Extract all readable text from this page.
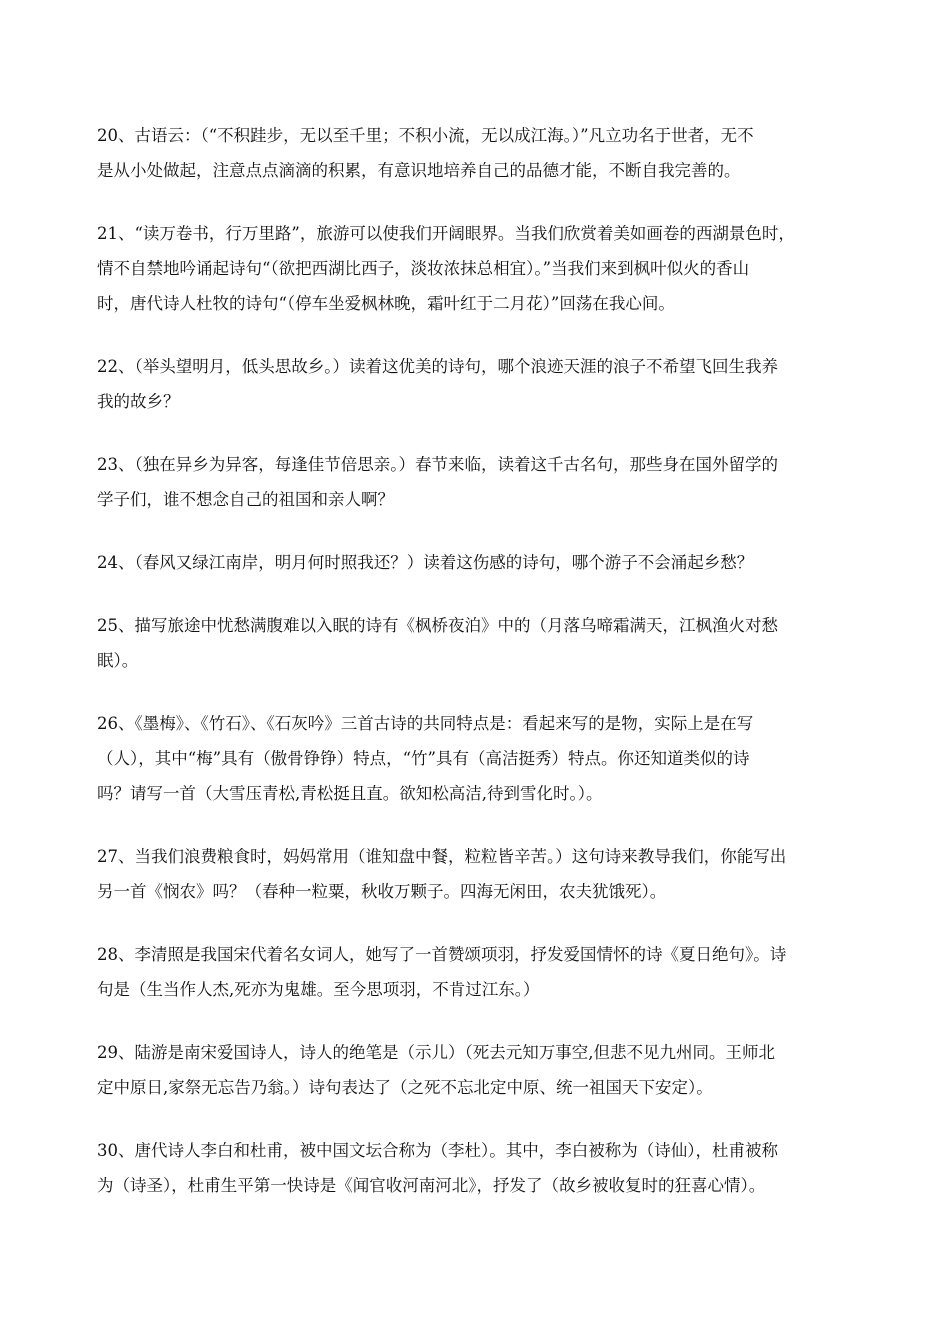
20、古语云：（“不积跬步，无以至千里；不积小流，无以成江海。）”凡立功名于世者，无不
是从小处做起，注意点点滴滴的积累，有意识地培养自己的品德才能，不断自我完善的。

21、“读万卷书，行万里路”，旅游可以使我们开阔眼界。当我们欣赏着美如画卷的西湖景色时，
情不自禁地吟诵起诗句“（欲把西湖比西子，淡妆浓抹总相宜）。”当我们来到枫叶似火的香山
时，唐代诗人杜牧的诗句“（停车坐爱枫林晚，霜叶红于二月花）”回荡在我心间。

22、（举头望明月，低头思故乡。）读着这优美的诗句，哪个浪迹天涯的浪子不希望飞回生我养
我的故乡？

23、（独在异乡为异客，每逢佳节倍思亲。）春节来临，读着这千古名句，那些身在国外留学的
学子们，谁不想念自己的祖国和亲人啊？

24、（春风又绿江南岸，明月何时照我还？）读着这伤感的诗句，哪个游子不会涌起乡愁？

25、描写旅途中忧愁满腹难以入眠的诗有《枫桥夜泊》中的（月落乌啼霜满天，江枫渔火对愁
眠）。

26、《墨梅》、《竹石》、《石灰吟》三首古诗的共同特点是：看起来写的是物，实际上是在写
（人），其中“梅”具有（傲骨铮铮）特点，“竹”具有（高洁挺秀）特点。你还知道类似的诗
吗？请写一首（大雪压青松,青松挺且直。欲知松高洁,待到雪化时。）。

27、当我们浪费粮食时，妈妈常用（谁知盘中餐，粒粒皆辛苦。）这句诗来教导我们，你能写出
另一首《悯农》吗？（春种一粒粟，秋收万颗子。四海无闲田，农夫犹饿死）。

28、李清照是我国宋代着名女词人，她写了一首赞颂项羽，抒发爱国情怀的诗《夏日绝句》。诗
句是（生当作人杰,死亦为鬼雄。至今思项羽，不肯过江东。）

29、陆游是南宋爱国诗人，诗人的绝笔是（示儿）（死去元知万事空,但悲不见九州同。王师北
定中原日,家祭无忘告乃翁。）诗句表达了（之死不忘北定中原、统一祖国天下安定）。

30、唐代诗人李白和杜甫，被中国文坛合称为（李杜）。其中，李白被称为（诗仙），杜甫被称
为（诗圣），杜甫生平第一快诗是《闻官收河南河北》，抒发了（故乡被收复时的狂喜心情）。
